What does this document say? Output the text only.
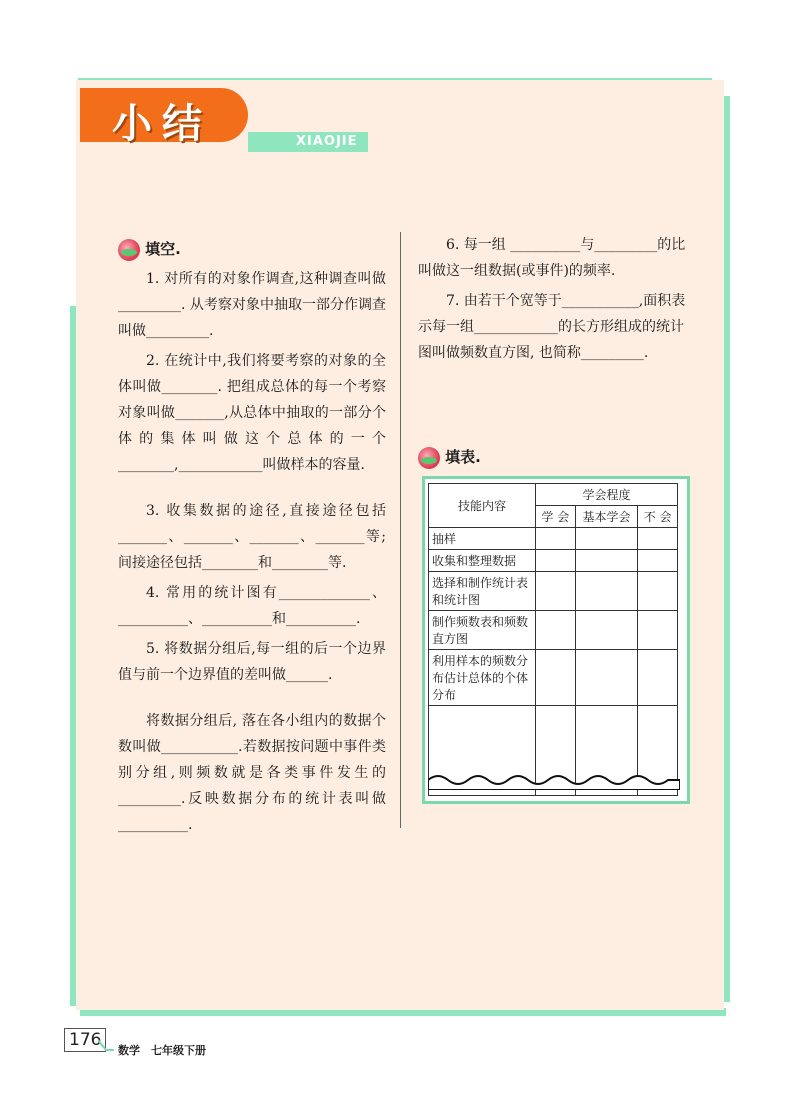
小结	XIAOJIE
填空.
1. 对所有的对象作调查,这种调查叫做_________. 从考察对象中抽取一部分作调查叫做_________.
2. 在统计中,我们将要考察的对象的全体叫做________. 把组成总体的每一个考察对象叫做_______,从总体中抽取的一部分个体的集体叫做这个总体的一个________,____________叫做样本的容量.
3. 收集数据的途径,直接途径包括_______、_______、_______、_______等;间接途径包括________和________等.
4. 常用的统计图有_____________、__________、__________和__________.
5. 将数据分组后,每一组的后一个边界值与前一个边界值的差叫做______.
将数据分组后, 落在各小组内的数据个数叫做___________.若数据按问题中事件类别分组,则频数就是各类事件发生的_________.反映数据分布的统计表叫做__________.
6. 每一组 __________与_________的比叫做这一组数据(或事件)的频率.
7. 由若干个宽等于___________,面积表示每一组____________的长方形组成的统计图叫做频数直方图, 也简称_________.
填表.
技能内容	学会程度		
	学 会	基本学会	不 会
抽样			
收集和整理数据			
选择和制作统计表和统计图			
制作频数表和频数直方图			
利用样本的频数分布估计总体的个体分布			

176
数学　七年级下册
